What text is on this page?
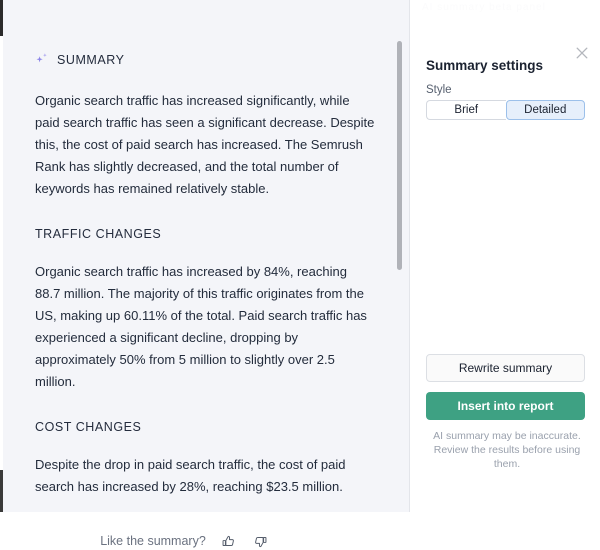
SUMMARY

Organic search traffic has increased significantly, while paid search traffic has seen a significant decrease. Despite this, the cost of paid search has increased. The Semrush Rank has slightly decreased, and the total number of keywords has remained relatively stable.

TRAFFIC CHANGES

Organic search traffic has increased by 84%, reaching 88.7 million. The majority of this traffic originates from the US, making up 60.11% of the total. Paid search traffic has experienced a significant decline, dropping by approximately 50% from 5 million to slightly over 2.5 million.

COST CHANGES

Despite the drop in paid search traffic, the cost of paid search has increased by 28%, reaching $23.5 million.

Like the summary?
AI summary beta panel
Summary settings
Style
Brief	Detailed
Rewrite summary
Insert into report
AI summary may be inaccurate. Review the results before using them.
